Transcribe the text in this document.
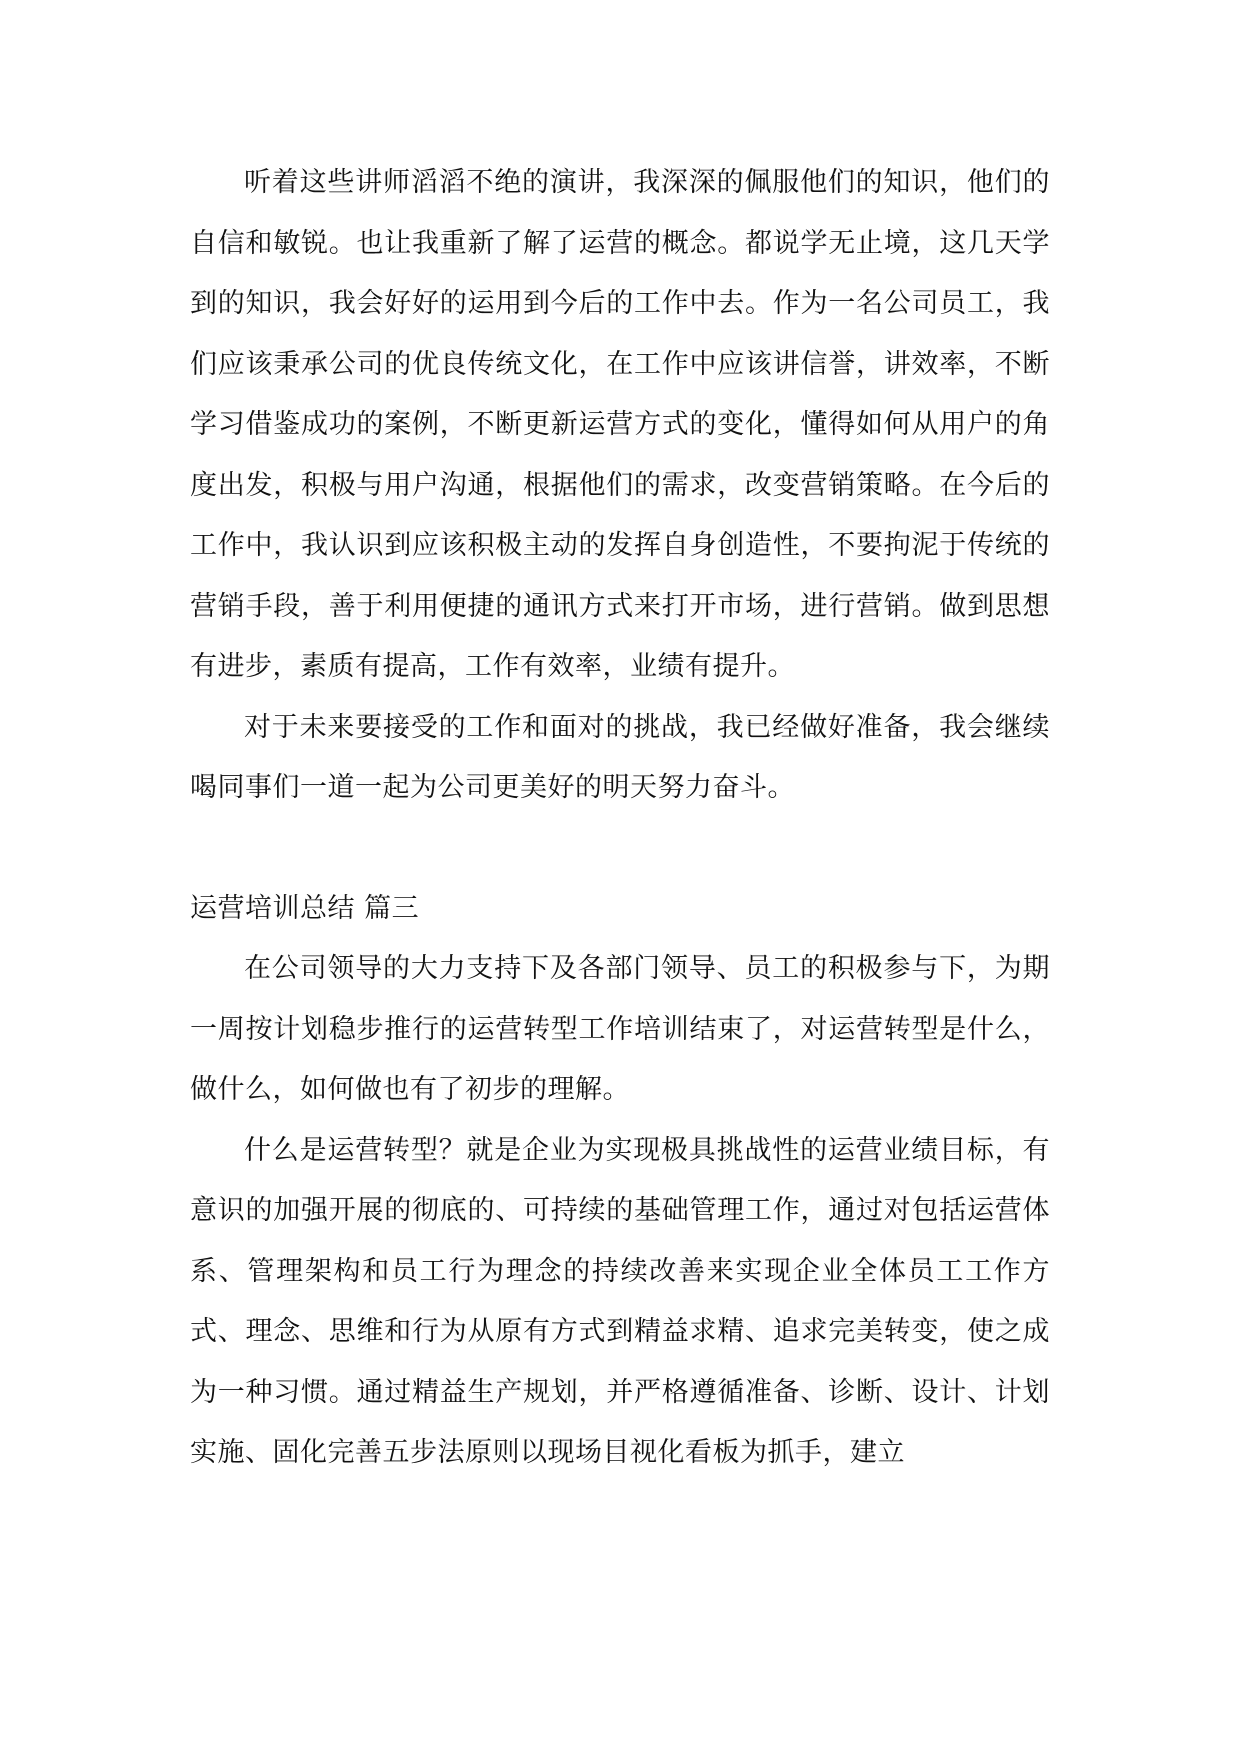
听着这些讲师滔滔不绝的演讲，我深深的佩服他们的知识，他们的自信和敏锐。也让我重新了解了运营的概念。都说学无止境，这几天学到的知识，我会好好的运用到今后的工作中去。作为一名公司员工，我们应该秉承公司的优良传统文化，在工作中应该讲信誉，讲效率，不断学习借鉴成功的案例，不断更新运营方式的变化，懂得如何从用户的角度出发，积极与用户沟通，根据他们的需求，改变营销策略。在今后的工作中，我认识到应该积极主动的发挥自身创造性，不要拘泥于传统的营销手段，善于利用便捷的通讯方式来打开市场，进行营销。做到思想有进步，素质有提高，工作有效率，业绩有提升。

对于未来要接受的工作和面对的挑战，我已经做好准备，我会继续喝同事们一道一起为公司更美好的明天努力奋斗。

运营培训总结 篇三

在公司领导的大力支持下及各部门领导、员工的积极参与下，为期一周按计划稳步推行的运营转型工作培训结束了，对运营转型是什么，做什么，如何做也有了初步的理解。

什么是运营转型？就是企业为实现极具挑战性的运营业绩目标，有意识的加强开展的彻底的、可持续的基础管理工作，通过对包括运营体系、管理架构和员工行为理念的持续改善来实现企业全体员工工作方式、理念、思维和行为从原有方式到精益求精、追求完美转变，使之成为一种习惯。通过精益生产规划，并严格遵循准备、诊断、设计、计划实施、固化完善五步法原则以现场目视化看板为抓手，建立
